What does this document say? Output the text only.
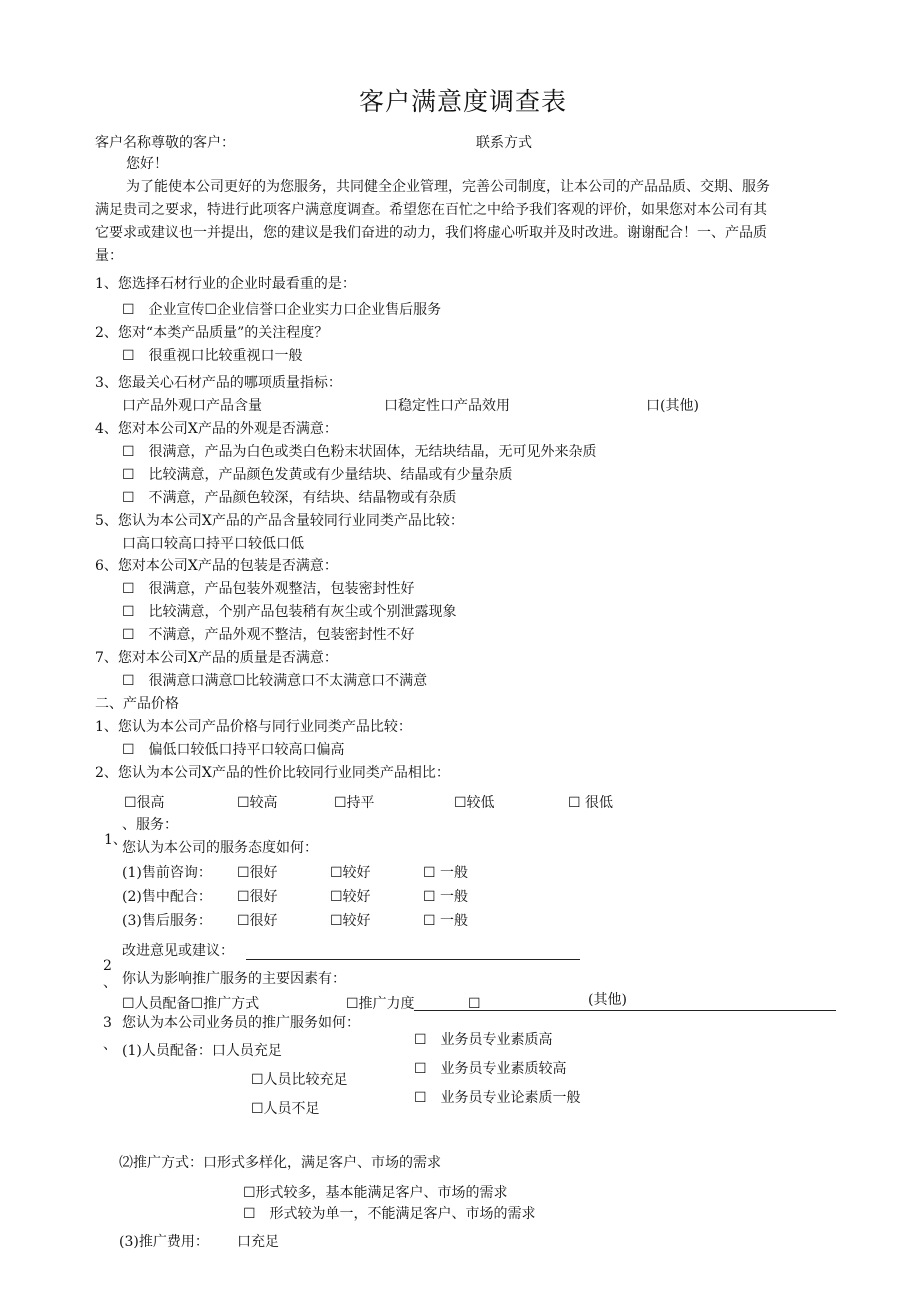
客户满意度调查表
客户名称尊敬的客户：	联系方式
您好！
为了能使本公司更好的为您服务，共同健全企业管理，完善公司制度，让本公司的产品品质、交期、服务
满足贵司之要求，特进行此项客户满意度调查。希望您在百忙之中给予我们客观的评价，如果您对本公司有其
它要求或建议也一并提出，您的建议是我们奋进的动力，我们将虚心听取并及时改进。谢谢配合！一、产品质
量：
1、您选择石材行业的企业时最看重的是：
☐　企业宣传☐企业信誉口企业实力口企业售后服务
2、您对“本类产品质量”的关注程度？
☐　很重视口比较重视口一般
3、您最关心石材产品的哪项质量指标：
口产品外观口产品含量	口稳定性口产品效用	口(其他)
4、您对本公司X产品的外观是否满意：
☐　很满意，产品为白色或类白色粉末状固体，无结块结晶，无可见外来杂质
☐　比较满意，产品颜色发黄或有少量结块、结晶或有少量杂质
☐　不满意，产品颜色较深，有结块、结晶物或有杂质
5、您认为本公司X产品的产品含量较同行业同类产品比较：
口高口较高口持平口较低口低
6、您对本公司X产品的包装是否满意：
☐　很满意，产品包装外观整洁，包装密封性好
☐　比较满意，个别产品包装稍有灰尘或个别泄露现象
☐　不满意，产品外观不整洁，包装密封性不好
7、您对本公司X产品的质量是否满意：
☐　很满意口满意☐比较满意口不太满意口不满意
二、产品价格
1、您认为本公司产品价格与同行业同类产品比较：
☐　偏低口较低口持平口较高口偏高
2、您认为本公司X产品的性价比较同行业同类产品相比：
☐很高	☐较高	☐持平	☐较低	☐ 很低
、服务：
1、
您认为本公司的服务态度如何：
(1)售前咨询： ☐很好	☐较好	☐ 一般
(2)售中配合： ☐很好	☐较好	☐ 一般
(3)售后服务： ☐很好	☐较好	☐ 一般
改进意见或建议：
2
、 你认为影响推广服务的主要因素有：
☐人员配备☐推广方式	☐推广力度	☐	(其他)
3
、
您认为本公司业务员的推广服务如何：
(1)人员配备：口人员充足
☐人员比较充足
☐人员不足
☐　业务员专业素质高
☐　业务员专业素质较高
☐　业务员专业论素质一般
⑵推广方式：口形式多样化，满足客户、市场的需求
☐形式较多，基本能满足客户、市场的需求
☐　形式较为单一，不能满足客户、市场的需求
(3)推广费用： 口充足
